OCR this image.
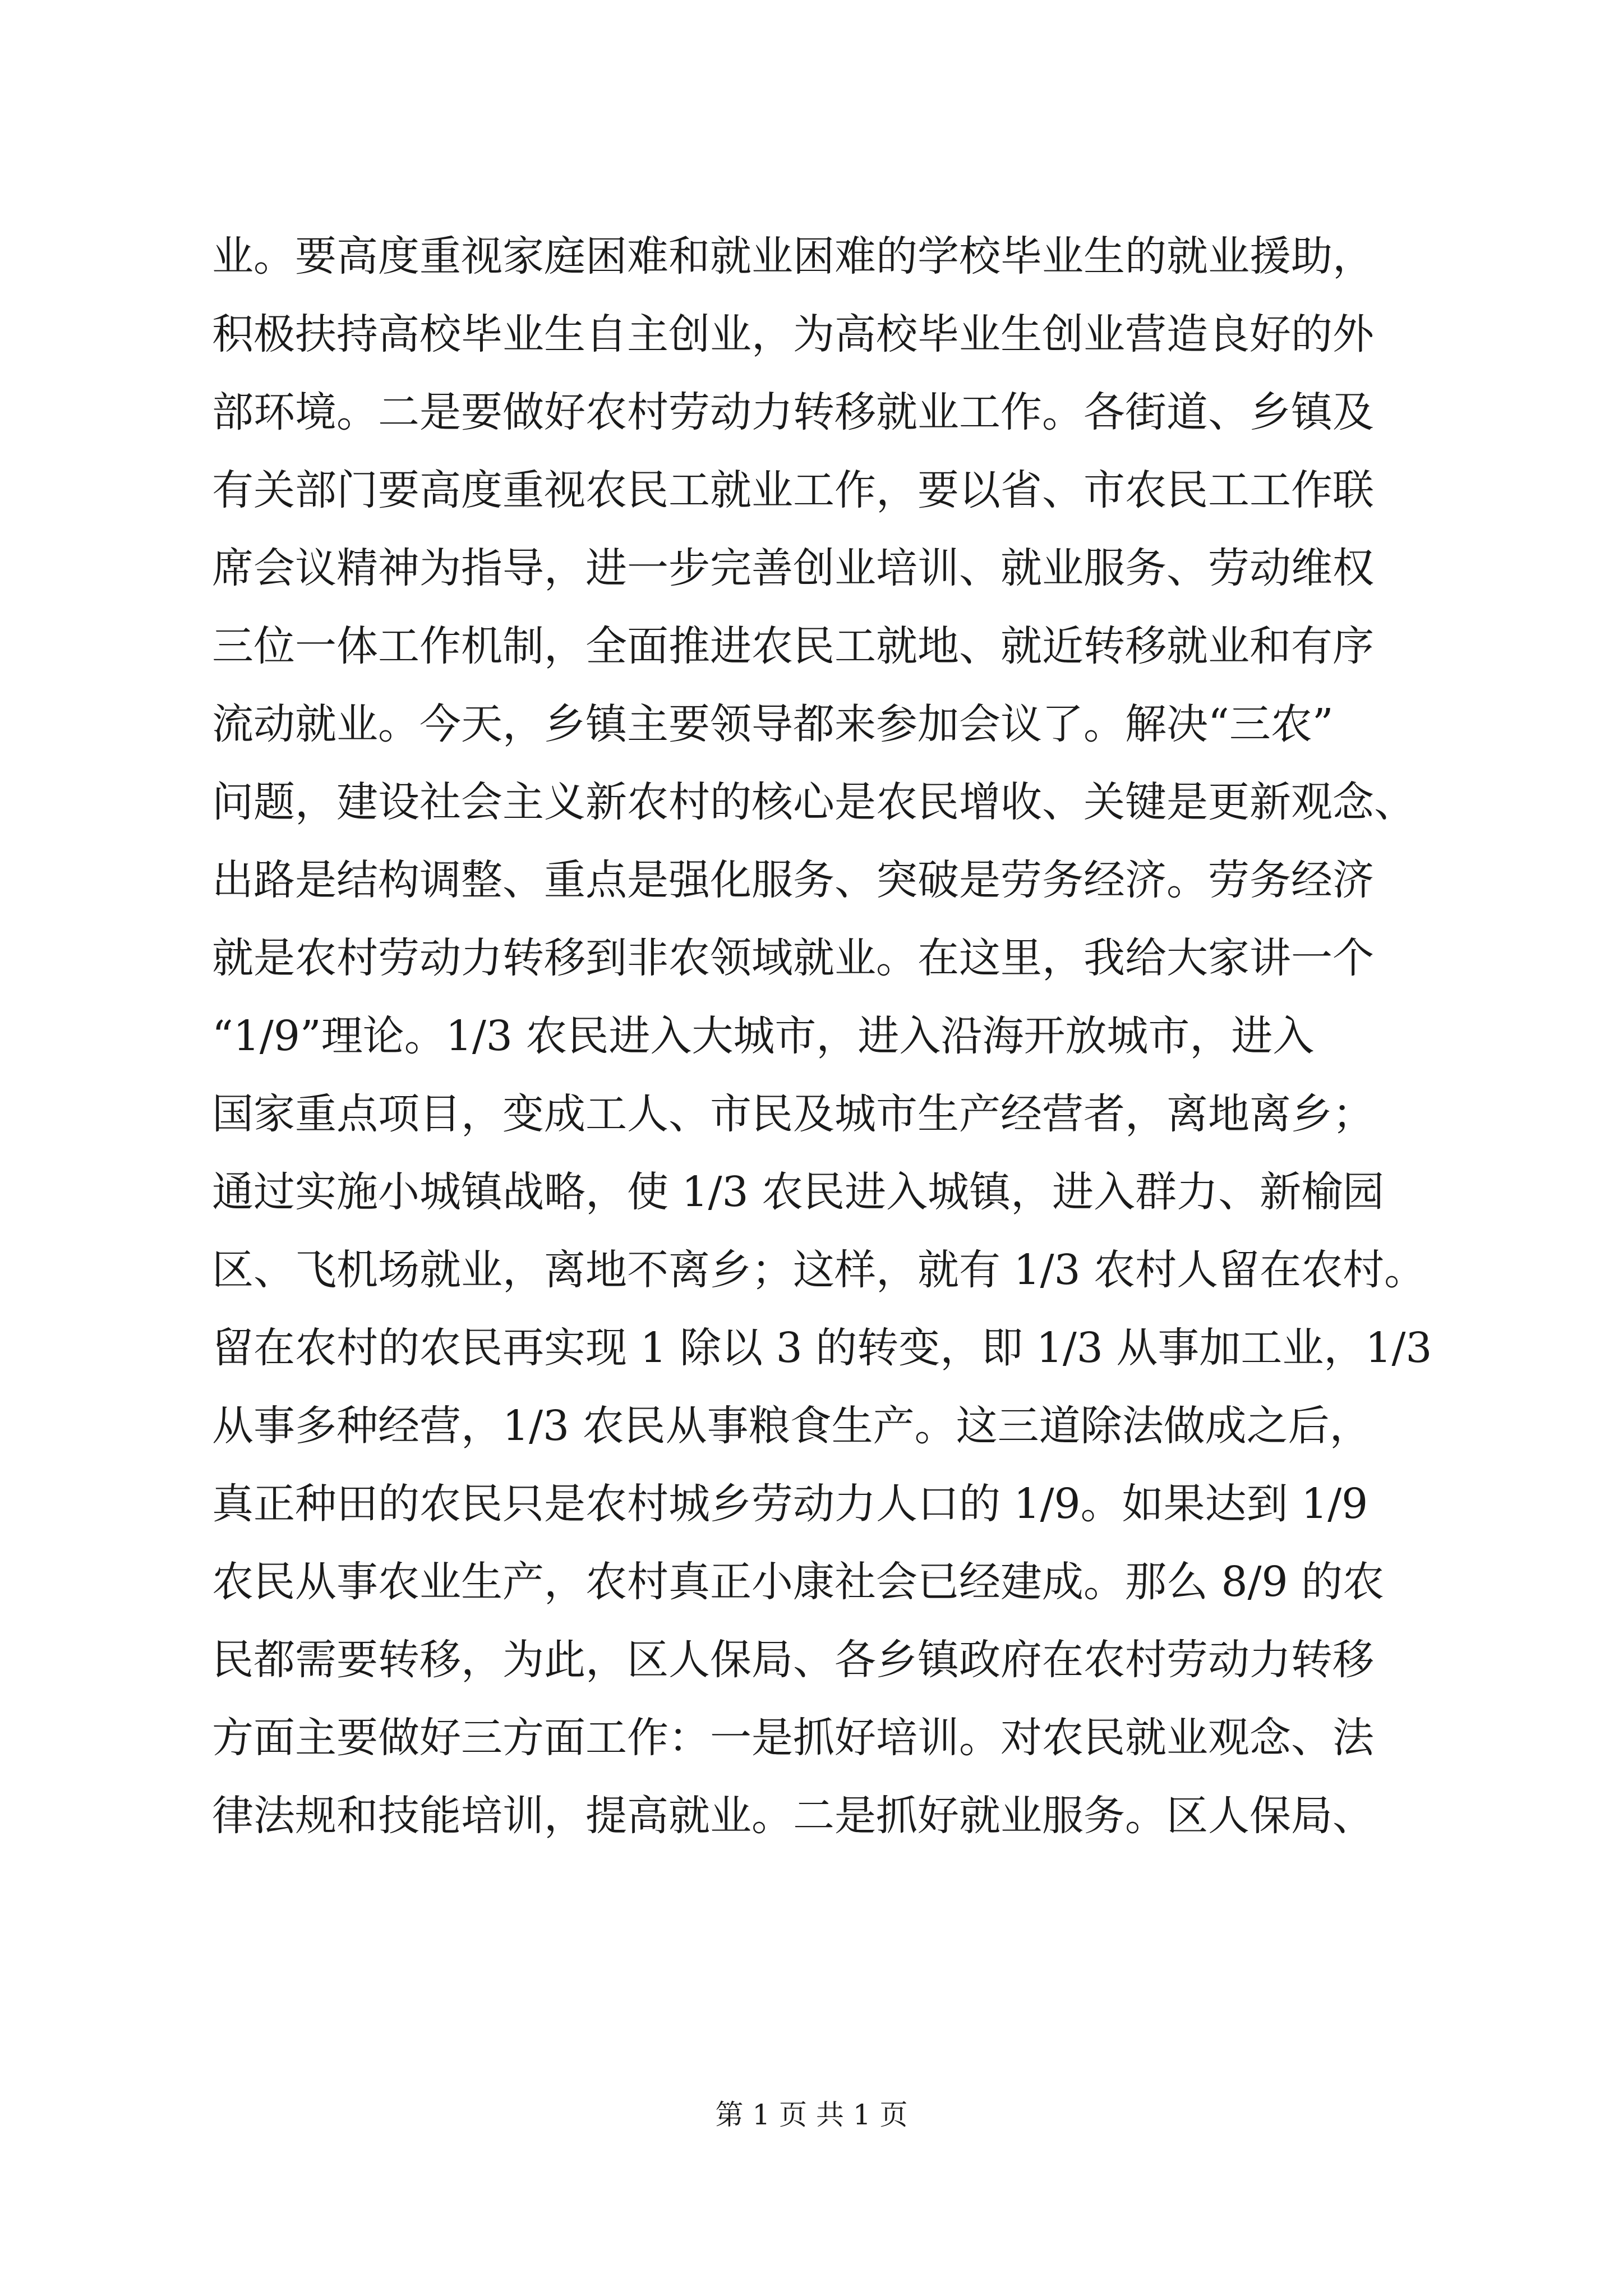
业。要高度重视家庭困难和就业困难的学校毕业生的就业援助，
积极扶持高校毕业生自主创业，为高校毕业生创业营造良好的外
部环境。二是要做好农村劳动力转移就业工作。各街道、乡镇及
有关部门要高度重视农民工就业工作，要以省、市农民工工作联
席会议精神为指导，进一步完善创业培训、就业服务、劳动维权
三位一体工作机制，全面推进农民工就地、就近转移就业和有序
流动就业。今天，乡镇主要领导都来参加会议了。解决“三农”
问题，建设社会主义新农村的核心是农民增收、关键是更新观念、
出路是结构调整、重点是强化服务、突破是劳务经济。劳务经济
就是农村劳动力转移到非农领域就业。在这里，我给大家讲一个
“1/9”理论。1/3 农民进入大城市，进入沿海开放城市，进入
国家重点项目，变成工人、市民及城市生产经营者，离地离乡；
通过实施小城镇战略，使 1/3 农民进入城镇，进入群力、新榆园
区、飞机场就业，离地不离乡；这样，就有 1/3 农村人留在农村。
留在农村的农民再实现 1 除以 3 的转变，即 1/3 从事加工业，1/3
从事多种经营，1/3 农民从事粮食生产。这三道除法做成之后，
真正种田的农民只是农村城乡劳动力人口的 1/9。如果达到 1/9
农民从事农业生产，农村真正小康社会已经建成。那么 8/9 的农
民都需要转移，为此，区人保局、各乡镇政府在农村劳动力转移
方面主要做好三方面工作：一是抓好培训。对农民就业观念、法
律法规和技能培训，提高就业。二是抓好就业服务。区人保局、
第 1 页 共 1 页
